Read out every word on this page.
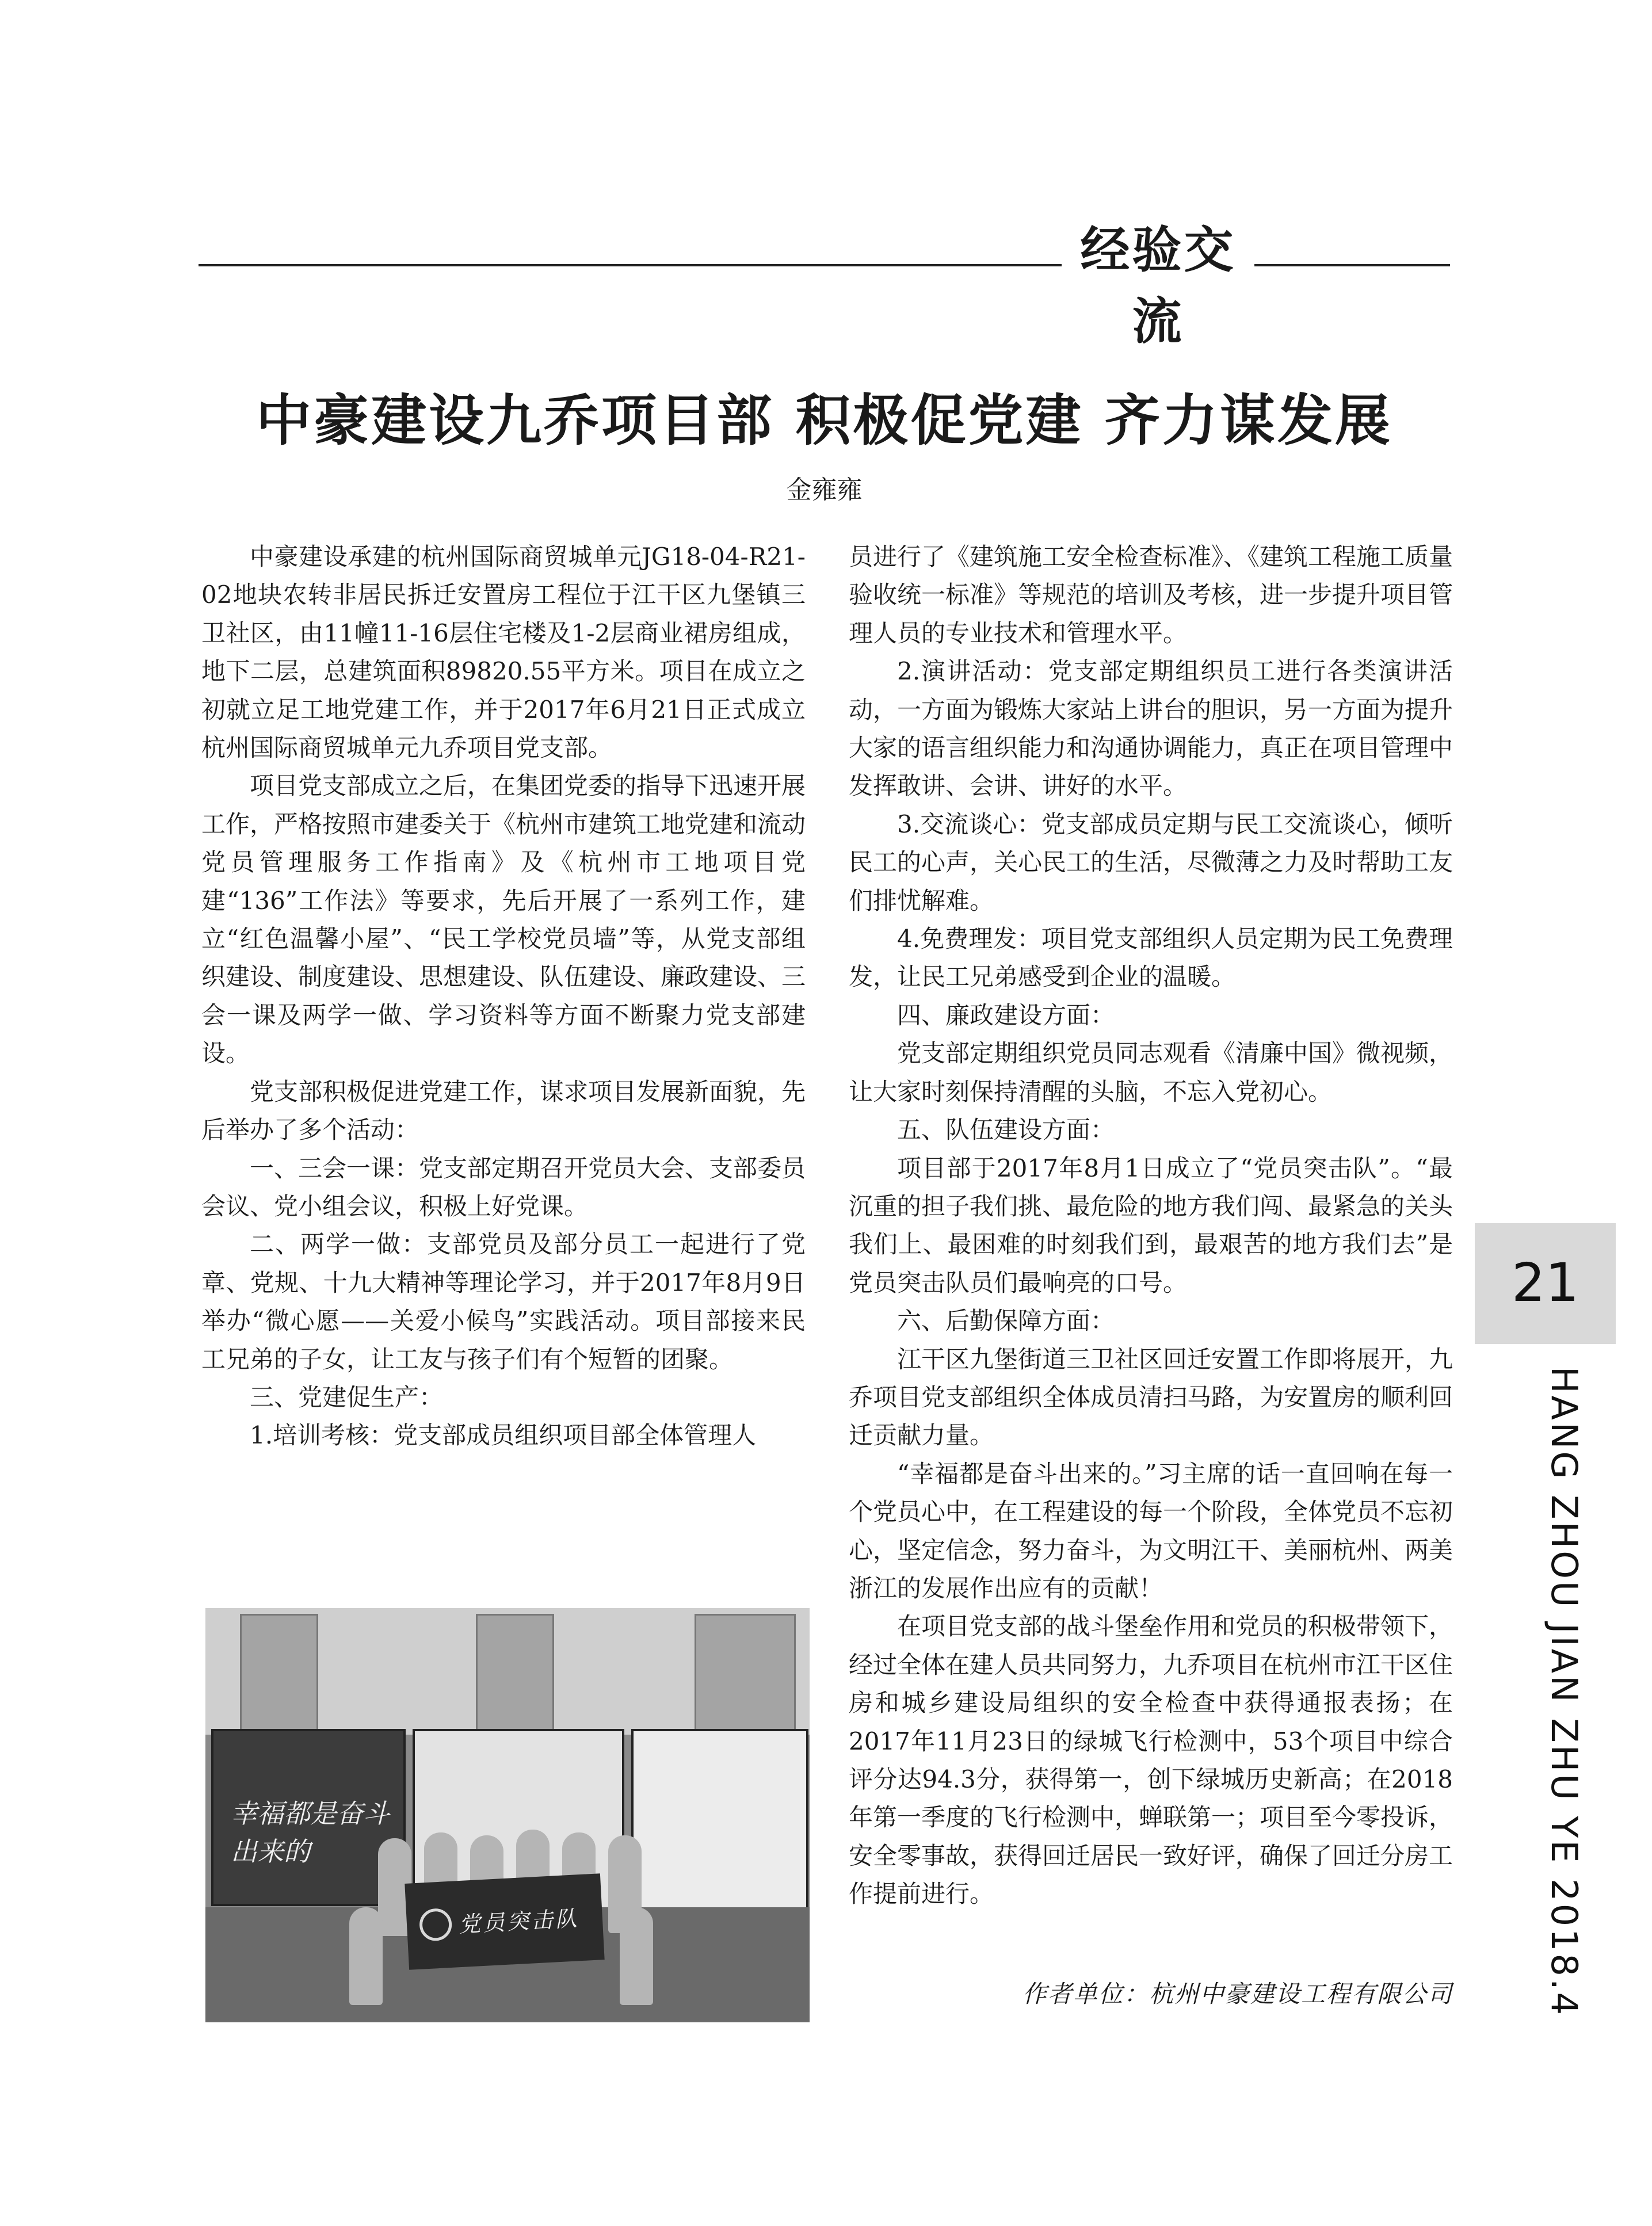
经验交流
中豪建设九乔项目部 积极促党建 齐力谋发展
金雍雍

中豪建设承建的杭州国际商贸城单元JG18-04-R21-02地块农转非居民拆迁安置房工程位于江干区九堡镇三卫社区，由11幢11-16层住宅楼及1-2层商业裙房组成，地下二层，总建筑面积89820.55平方米。项目在成立之初就立足工地党建工作，并于2017年6月21日正式成立杭州国际商贸城单元九乔项目党支部。

项目党支部成立之后，在集团党委的指导下迅速开展工作，严格按照市建委关于《杭州市建筑工地党建和流动党员管理服务工作指南》及《杭州市工地项目党建“136”工作法》等要求，先后开展了一系列工作，建立“红色温馨小屋”、“民工学校党员墙”等，从党支部组织建设、制度建设、思想建设、队伍建设、廉政建设、三会一课及两学一做、学习资料等方面不断聚力党支部建设。

党支部积极促进党建工作，谋求项目发展新面貌，先后举办了多个活动：

一、三会一课：党支部定期召开党员大会、支部委员会议、党小组会议，积极上好党课。

二、两学一做：支部党员及部分员工一起进行了党章、党规、十九大精神等理论学习，并于2017年8月9日举办“微心愿——关爱小候鸟”实践活动。项目部接来民工兄弟的子女，让工友与孩子们有个短暂的团聚。

三、党建促生产：

1.培训考核：党支部成员组织项目部全体管理人

幸福都是奋斗出来的
党员突击队

员进行了《建筑施工安全检查标准》、《建筑工程施工质量验收统一标准》等规范的培训及考核，进一步提升项目管理人员的专业技术和管理水平。

2.演讲活动：党支部定期组织员工进行各类演讲活动，一方面为锻炼大家站上讲台的胆识，另一方面为提升大家的语言组织能力和沟通协调能力，真正在项目管理中发挥敢讲、会讲、讲好的水平。

3.交流谈心：党支部成员定期与民工交流谈心，倾听民工的心声，关心民工的生活，尽微薄之力及时帮助工友们排忧解难。

4.免费理发：项目党支部组织人员定期为民工免费理发，让民工兄弟感受到企业的温暖。

四、廉政建设方面：

党支部定期组织党员同志观看《清廉中国》微视频，让大家时刻保持清醒的头脑，不忘入党初心。

五、队伍建设方面：

项目部于2017年8月1日成立了“党员突击队”。“最沉重的担子我们挑、最危险的地方我们闯、最紧急的关头我们上、最困难的时刻我们到，最艰苦的地方我们去”是党员突击队员们最响亮的口号。

六、后勤保障方面：

江干区九堡街道三卫社区回迁安置工作即将展开，九乔项目党支部组织全体成员清扫马路，为安置房的顺利回迁贡献力量。

“幸福都是奋斗出来的。”习主席的话一直回响在每一个党员心中，在工程建设的每一个阶段，全体党员不忘初心，坚定信念，努力奋斗，为文明江干、美丽杭州、两美浙江的发展作出应有的贡献！

在项目党支部的战斗堡垒作用和党员的积极带领下，经过全体在建人员共同努力，九乔项目在杭州市江干区住房和城乡建设局组织的安全检查中获得通报表扬；在2017年11月23日的绿城飞行检测中，53个项目中综合评分达94.3分，获得第一，创下绿城历史新高；在2018年第一季度的飞行检测中，蝉联第一；项目至今零投诉，安全零事故，获得回迁居民一致好评，确保了回迁分房工作提前进行。

作者单位：杭州中豪建设工程有限公司
21
HANG ZHOU JIAN ZHU YE 2018.4
